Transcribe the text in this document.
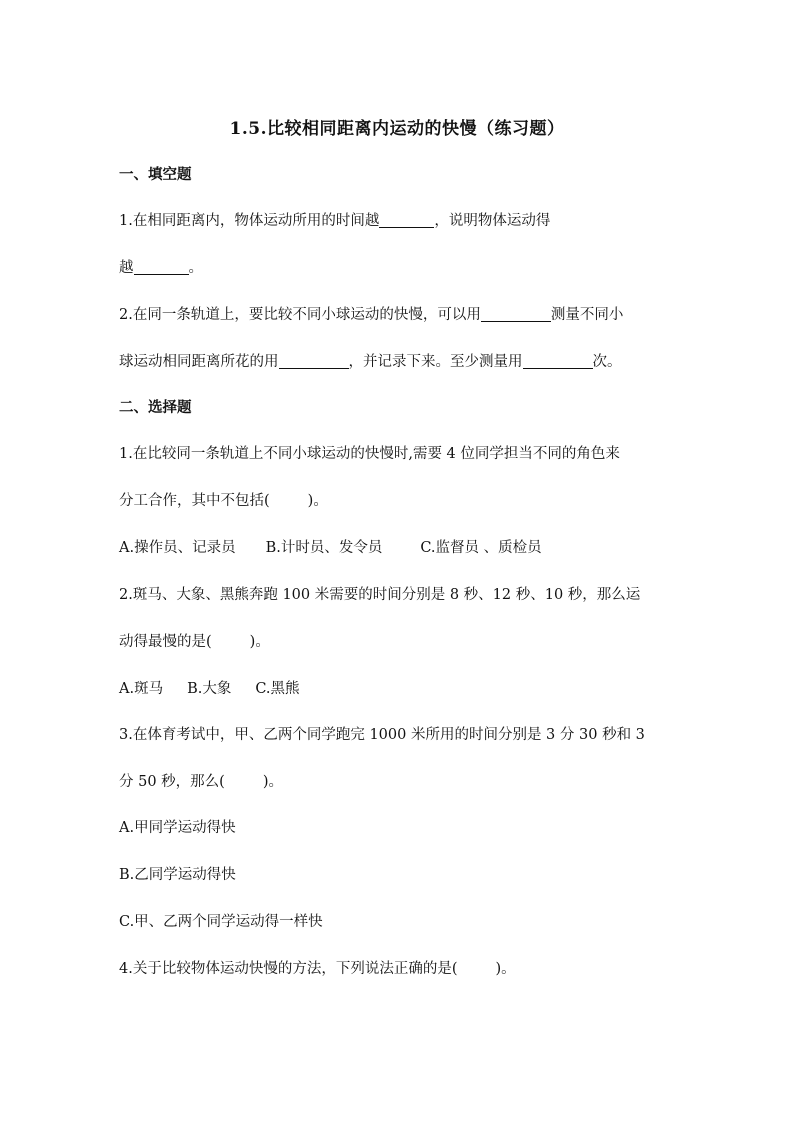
1.5.比较相同距离内运动的快慢（练习题）
一、填空题
1.在相同距离内，物体运动所用的时间越	，说明物体运动得
越	。
2.在同一条轨道上，要比较不同小球运动的快慢，可以用	测量不同小
球运动相同距离所花的用	，并记录下来。至少测量用	次。
二、选择题
1.在比较同一条轨道上不同小球运动的快慢时,需要 4 位同学担当不同的角色来
分工合作，其中不包括(	)。
A.操作员、记录员 B.计时员、发令员	C.监督员 、质检员
2.斑马、大象、黑熊奔跑 100 米需要的时间分别是 8 秒、12 秒、10 秒，那么运
动得最慢的是(	)。
A.斑马 B.大象 C.黑熊
3.在体育考试中，甲、乙两个同学跑完 1000 米所用的时间分别是 3 分 30 秒和 3
分 50 秒，那么(	)。
A.甲同学运动得快
B.乙同学运动得快
C.甲、乙两个同学运动得一样快
4.关于比较物体运动快慢的方法，下列说法正确的是(	)。
